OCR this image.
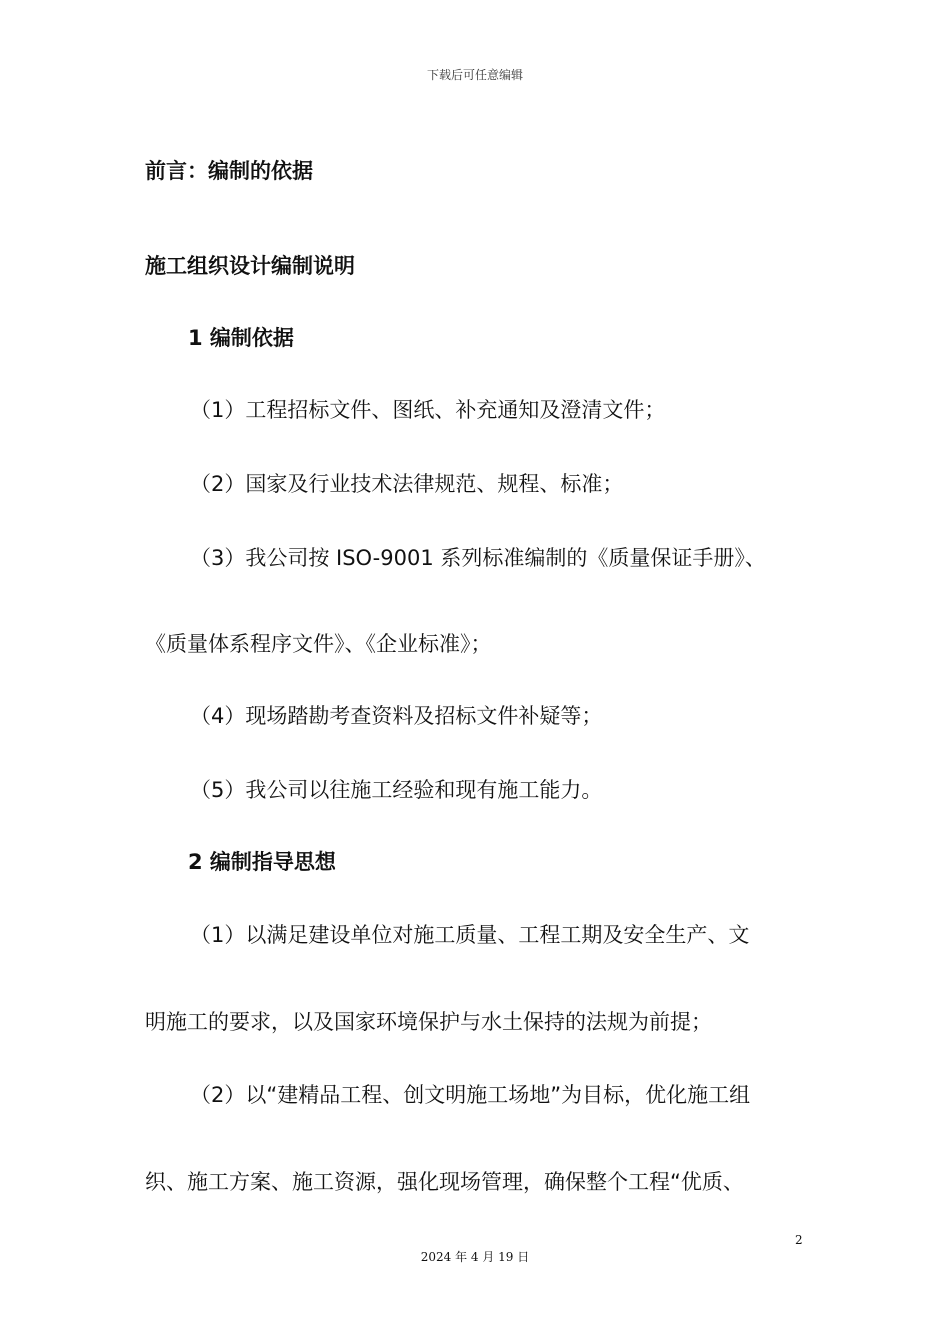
下载后可任意编辑
前言：编制的依据
施工组织设计编制说明
1 编制依据
（1）工程招标文件、图纸、补充通知及澄清文件；
（2）国家及行业技术法律规范、规程、标准；
（3）我公司按 ISO-9001 系列标准编制的《质量保证手册》、
《质量体系程序文件》、《企业标准》；
（4）现场踏勘考查资料及招标文件补疑等；
（5）我公司以往施工经验和现有施工能力。
2 编制指导思想
（1）以满足建设单位对施工质量、工程工期及安全生产、文
明施工的要求，以及国家环境保护与水土保持的法规为前提；
（2）以“建精品工程、创文明施工场地”为目标，优化施工组
织、施工方案、施工资源，强化现场管理，确保整个工程“优质、
2
2024 年 4 月 19 日
